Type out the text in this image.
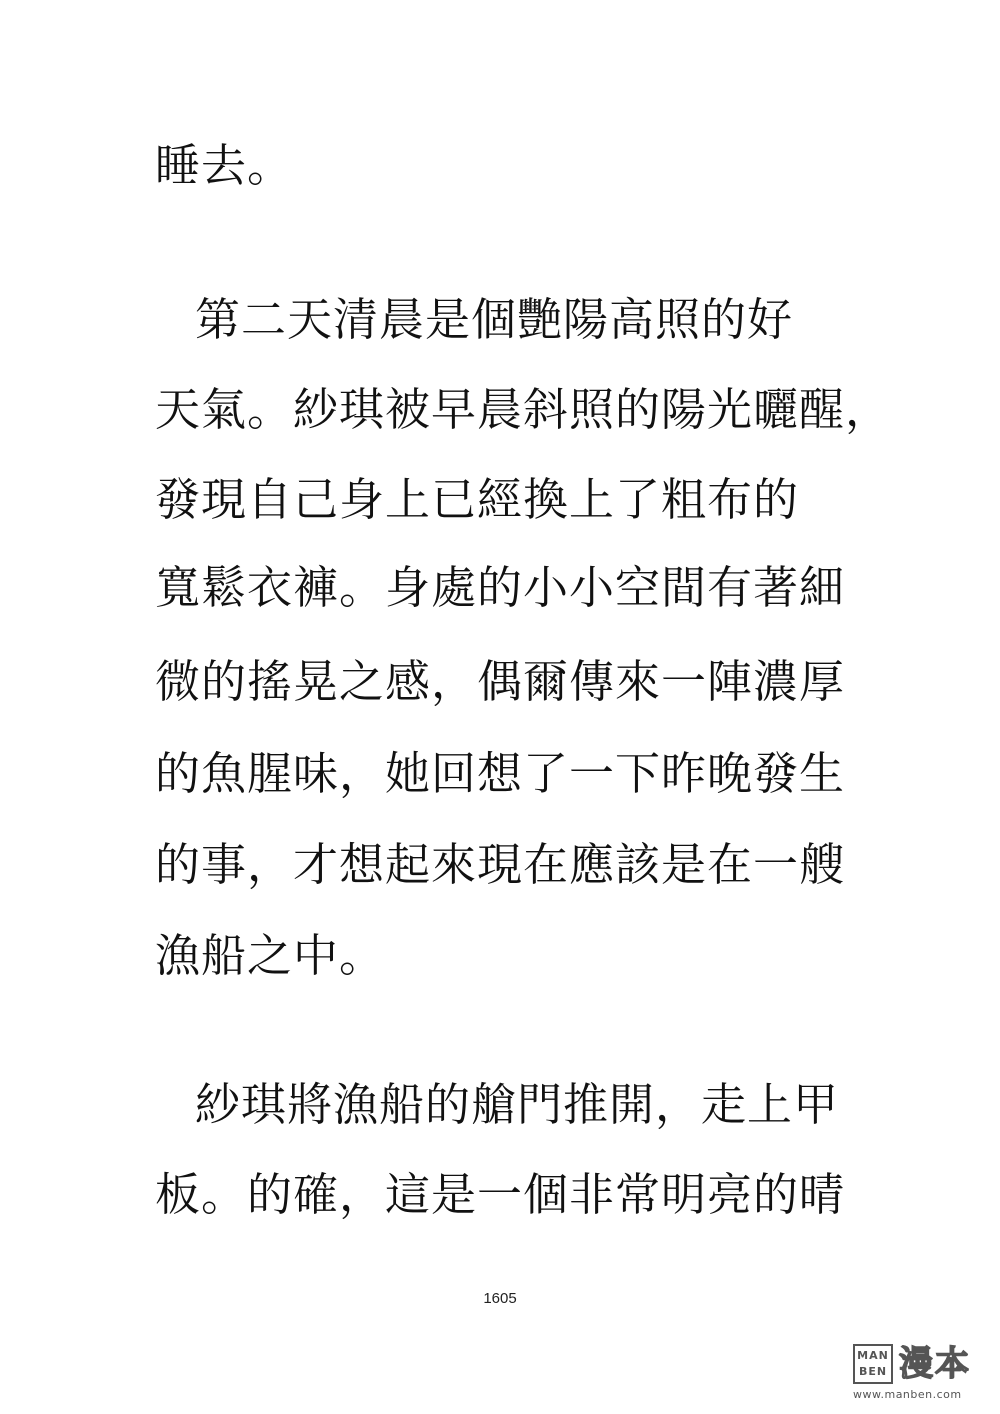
睡去。
第二天清晨是個艷陽高照的好
天氣。紗琪被早晨斜照的陽光曬醒，
發現自己身上已經換上了粗布的
寬鬆衣褲。身處的小小空間有著細
微的搖晃之感，偶爾傳來一陣濃厚
的魚腥味，她回想了一下昨晚發生
的事，才想起來現在應該是在一艘
漁船之中。
紗琪將漁船的艙門推開，走上甲
板。的確，這是一個非常明亮的晴
1605
MAN
BEN 漫本
www.manben.com
